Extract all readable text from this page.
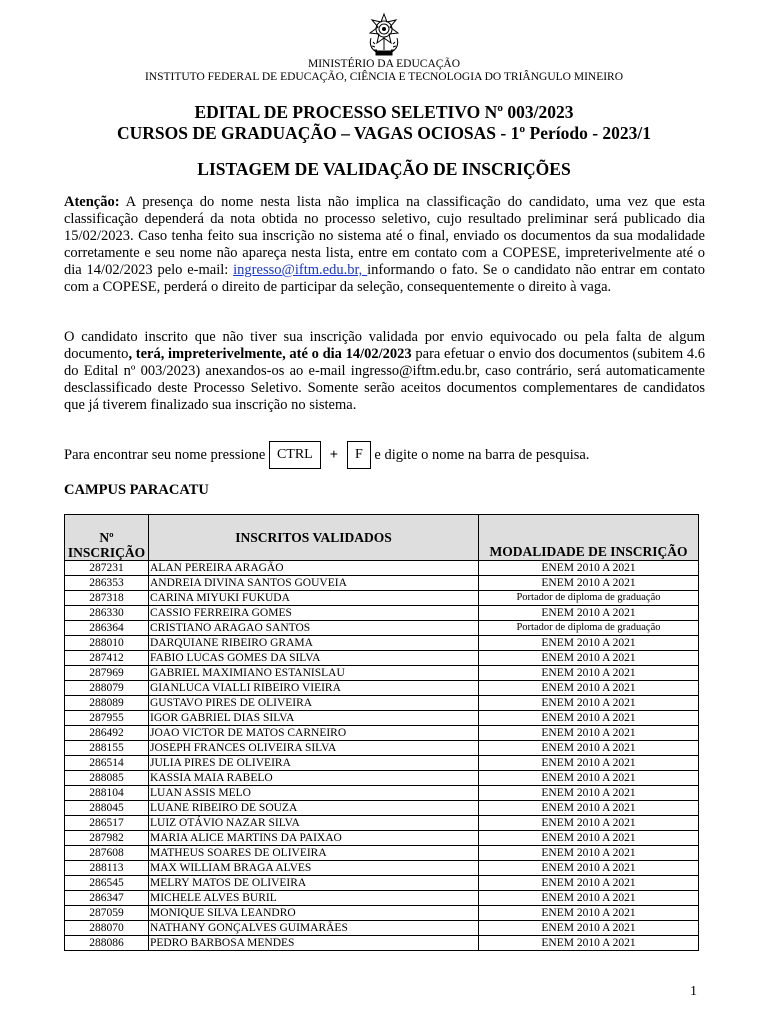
MINISTÉRIO DA EDUCAÇÃO
INSTITUTO FEDERAL DE EDUCAÇÃO, CIÊNCIA E TECNOLOGIA DO TRIÂNGULO MINEIRO
EDITAL DE PROCESSO SELETIVO Nº 003/2023
CURSOS DE GRADUAÇÃO – VAGAS OCIOSAS - 1º Período - 2023/1
LISTAGEM DE VALIDAÇÃO DE INSCRIÇÕES
Atenção: A presença do nome nesta lista não implica na classificação do candidato, uma vez que esta classificação dependerá da nota obtida no processo seletivo, cujo resultado preliminar será publicado dia 15/02/2023. Caso tenha feito sua inscrição no sistema até o final, enviado os documentos da sua modalidade corretamente e seu nome não apareça nesta lista, entre em contato com a COPESE, impreterivelmente até o dia 14/02/2023 pelo e-mail: ingresso@iftm.edu.br, informando o fato. Se o candidato não entrar em contato com a COPESE, perderá o direito de participar da seleção, consequentemente o direito à vaga.
O candidato inscrito que não tiver sua inscrição validada por envio equivocado ou pela falta de algum documento, terá, impreterivelmente, até o dia 14/02/2023 para efetuar o envio dos documentos (subitem 4.6 do Edital nº 003/2023) anexandos-os ao e-mail ingresso@iftm.edu.br, caso contrário, será automaticamente desclassificado deste Processo Seletivo. Somente serão aceitos documentos complementares de candidatos que já tiverem finalizado sua inscrição no sistema.
Para encontrar seu nome pressione CTRL + F e digite o nome na barra de pesquisa.
CAMPUS PARACATU
Nº
INSCRIÇÃO	INSCRITOS VALIDADOS	MODALIDADE DE INSCRIÇÃO
287231	ALAN PEREIRA ARAGÃO	ENEM 2010 A 2021
286353	ANDREIA DIVINA SANTOS GOUVEIA	ENEM 2010 A 2021
287318	CARINA MIYUKI FUKUDA	Portador de diploma de graduação
286330	CASSIO FERREIRA GOMES	ENEM 2010 A 2021
286364	CRISTIANO ARAGAO SANTOS	Portador de diploma de graduação
288010	DARQUIANE RIBEIRO GRAMA	ENEM 2010 A 2021
287412	FABIO LUCAS GOMES DA SILVA	ENEM 2010 A 2021
287969	GABRIEL MAXIMIANO ESTANISLAU	ENEM 2010 A 2021
288079	GIANLUCA VIALLI RIBEIRO VIEIRA	ENEM 2010 A 2021
288089	GUSTAVO PIRES DE OLIVEIRA	ENEM 2010 A 2021
287955	IGOR GABRIEL DIAS SILVA	ENEM 2010 A 2021
286492	JOAO VICTOR DE MATOS CARNEIRO	ENEM 2010 A 2021
288155	JOSEPH FRANCES OLIVEIRA SILVA	ENEM 2010 A 2021
286514	JULIA PIRES DE OLIVEIRA	ENEM 2010 A 2021
288085	KASSIA MAIA RABELO	ENEM 2010 A 2021
288104	LUAN ASSIS MELO	ENEM 2010 A 2021
288045	LUANE RIBEIRO DE SOUZA	ENEM 2010 A 2021
286517	LUIZ OTÁVIO NAZAR SILVA	ENEM 2010 A 2021
287982	MARIA ALICE MARTINS DA PAIXAO	ENEM 2010 A 2021
287608	MATHEUS SOARES DE OLIVEIRA	ENEM 2010 A 2021
288113	MAX WILLIAM BRAGA ALVES	ENEM 2010 A 2021
286545	MELRY MATOS DE OLIVEIRA	ENEM 2010 A 2021
286347	MICHELE ALVES BURIL	ENEM 2010 A 2021
287059	MONIQUE SILVA LEANDRO	ENEM 2010 A 2021
288070	NATHANY GONÇALVES GUIMARÃES	ENEM 2010 A 2021
288086	PEDRO BARBOSA MENDES	ENEM 2010 A 2021
1
